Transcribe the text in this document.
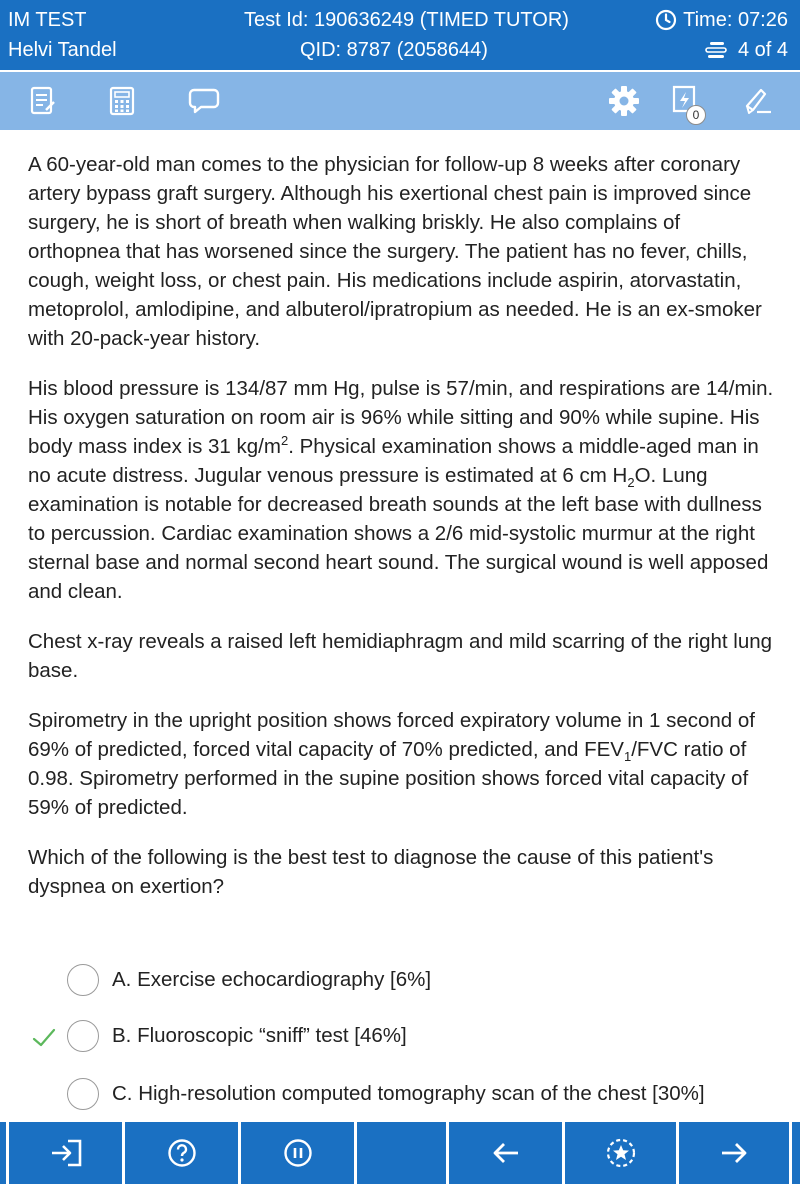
IM TEST
Helvi Tandel
Test Id: 190636249 (TIMED TUTOR)
QID: 8787 (2058644)
Time: 07:26
4 of 4
0

A 60-year-old man comes to the physician for follow-up 8 weeks after coronary artery bypass graft surgery. Although his exertional chest pain is improved since surgery, he is short of breath when walking briskly. He also complains of orthopnea that has worsened since the surgery. The patient has no fever, chills, cough, weight loss, or chest pain. His medications include aspirin, atorvastatin, metoprolol, amlodipine, and albuterol/ipratropium as needed. He is an ex-smoker with 20-pack-year history.

His blood pressure is 134/87 mm Hg, pulse is 57/min, and respirations are 14/min. His oxygen saturation on room air is 96% while sitting and 90% while supine. His body mass index is 31 $kg/m^2$. Physical examination shows a middle-aged man in no acute distress. Jugular venous pressure is estimated at 6 cm $H_2O$. Lung examination is notable for decreased breath sounds at the left base with dullness to percussion. Cardiac examination shows a 2/6 mid-systolic murmur at the right sternal base and normal second heart sound. The surgical wound is well apposed and clean.

Chest x-ray reveals a raised left hemidiaphragm and mild scarring of the right lung base.

Spirometry in the upright position shows forced expiratory volume in 1 second of 69% of predicted, forced vital capacity of 70% predicted, and $FEV_1$/FVC ratio of 0.98. Spirometry performed in the supine position shows forced vital capacity of 59% of predicted.

Which of the following is the best test to diagnose the cause of this patient's dyspnea on exertion?

A. Exercise echocardiography [6%]
B. Fluoroscopic “sniff” test [46%]
C. High-resolution computed tomography scan of the chest [30%]
